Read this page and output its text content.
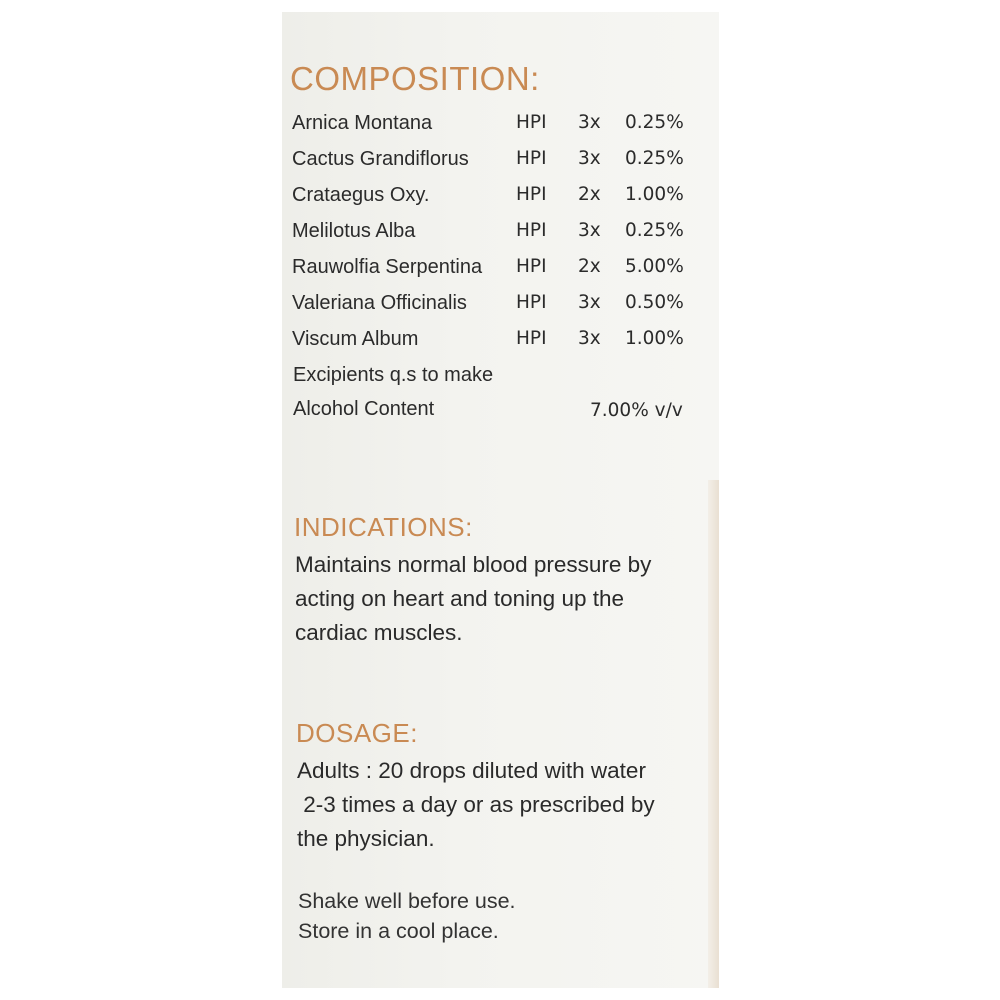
COMPOSITION:
Arnica Montana	HPI 3x 0.25%
Cactus Grandiflorus	HPI 3x 0.25%
Crataegus Oxy.	HPI 2x 1.00%
Melilotus Alba	HPI 3x 0.25%
Rauwolfia Serpentina HPI 2x 5.00%
Valeriana Officinalis	HPI 3x 0.50%
Viscum Album	HPI 3x 1.00%
Excipients q.s to make
Alcohol Content	7.00% v/v
INDICATIONS:

Maintains normal blood pressure by
acting on heart and toning up the
cardiac muscles.

DOSAGE:

Adults : 20 drops diluted with water
2-3 times a day or as prescribed by
the physician.

Shake well before use.
Store in a cool place.
